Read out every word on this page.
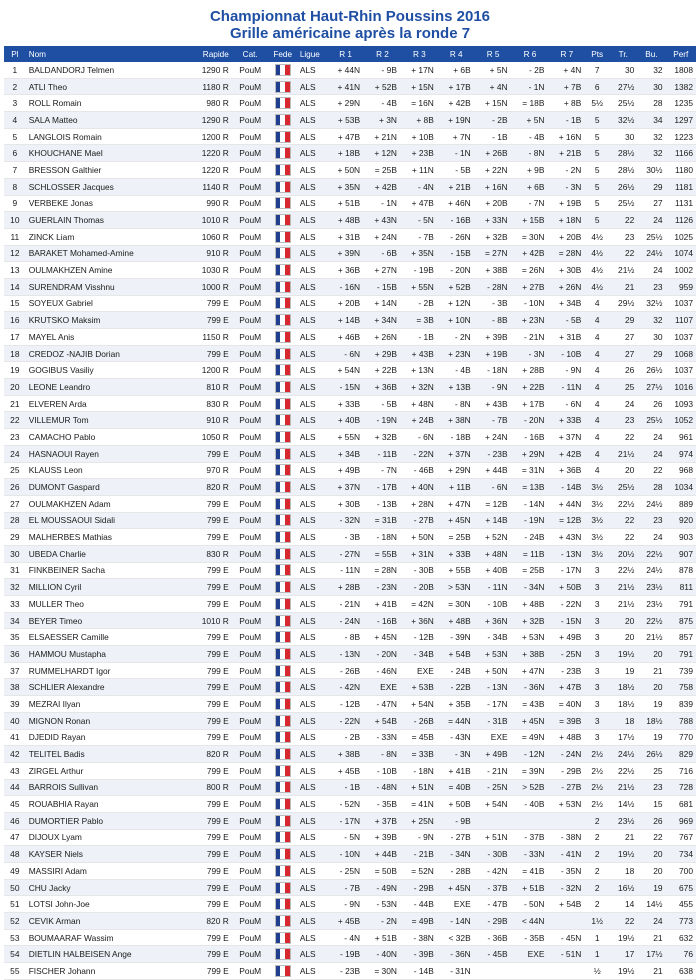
Championnat Haut-Rhin Poussins 2016
Grille américaine après la ronde 7
Pl	Nom	Rapide	Cat.	Fede	Ligue	R 1	R 2	R 3	R 4	R 5	R 6	R 7	Pts	Tr.	Bu.	Perf
1	BALDANDORJ Telmen	1290 R	PouM		ALS	+ 44N	- 9B	+ 17N	+ 6B	+ 5N	- 2B	+ 4N	7	30	32	1808
2	ATLI Theo	1180 R	PouM		ALS	+ 41N	+ 52B	+ 15N	+ 17B	+ 4N	- 1N	+ 7B	6	27½	30	1382
3	ROLL Romain	980 R	PouM		ALS	+ 29N	- 4B	= 16N	+ 42B	+ 15N	= 18B	+ 8B	5½	25½	28	1235
4	SALA Matteo	1290 R	PouM		ALS	+ 53B	+ 3N	+ 8B	+ 19N	- 2B	+ 5N	- 1B	5	32½	34	1297
5	LANGLOIS Romain	1200 R	PouM		ALS	+ 47B	+ 21N	+ 10B	+ 7N	- 1B	- 4B	+ 16N	5	30	32	1223
6	KHOUCHANE Mael	1220 R	PouM		ALS	+ 18B	+ 12N	+ 23B	- 1N	+ 26B	- 8N	+ 21B	5	28½	32	1166
7	BRESSON Galthier	1220 R	PouM		ALS	+ 50N	= 25B	+ 11N	- 5B	+ 22N	+ 9B	- 2N	5	28½	30½	1180
8	SCHLOSSER Jacques	1140 R	PouM		ALS	+ 35N	+ 42B	- 4N	+ 21B	+ 16N	+ 6B	- 3N	5	26½	29	1181
9	VERBEKE Jonas	990 R	PouM		ALS	+ 51B	- 1N	+ 47B	+ 46N	+ 20B	- 7N	+ 19B	5	25½	27	1131
10	GUERLAIN Thomas	1010 R	PouM		ALS	+ 48B	+ 43N	- 5N	- 16B	+ 33N	+ 15B	+ 18N	5	22	24	1126
11	ZINCK Liam	1060 R	PouM		ALS	+ 31B	+ 24N	- 7B	- 26N	+ 32B	= 30N	+ 20B	4½	23	25½	1025
12	BARAKET Mohamed-Amine	910 R	PouM		ALS	+ 39N	- 6B	+ 35N	- 15B	= 27N	+ 42B	= 28N	4½	22	24½	1074
13	OULMAKHZEN Amine	1030 R	PouM		ALS	+ 36B	+ 27N	- 19B	- 20N	+ 38B	= 26N	+ 30B	4½	21½	24	1002
14	SURENDRAM Visshnu	1000 R	PouM		ALS	- 16N	- 15B	+ 55N	+ 52B	- 28N	+ 27B	+ 26N	4½	21	23	959
15	SOYEUX Gabriel	799 E	PouM		ALS	+ 20B	+ 14N	- 2B	+ 12N	- 3B	- 10N	+ 34B	4	29½	32½	1037
16	KRUTSKO Maksim	799 E	PouM		ALS	+ 14B	+ 34N	= 3B	+ 10N	- 8B	+ 23N	- 5B	4	29	32	1107
17	MAYEL Anis	1150 R	PouM		ALS	+ 46B	+ 26N	- 1B	- 2N	+ 39B	- 21N	+ 31B	4	27	30	1037
18	CREDOZ -NAJIB Dorian	799 E	PouM		ALS	- 6N	+ 29B	+ 43B	+ 23N	+ 19B	- 3N	- 10B	4	27	29	1068
19	GOGIBUS Vasiliy	1200 R	PouM		ALS	+ 54N	+ 22B	+ 13N	- 4B	- 18N	+ 28B	- 9N	4	26	26½	1037
20	LEONE Leandro	810 R	PouM		ALS	- 15N	+ 36B	+ 32N	+ 13B	- 9N	+ 22B	- 11N	4	25	27½	1016
21	ELVEREN Arda	830 R	PouM		ALS	+ 33B	- 5B	+ 48N	- 8N	+ 43B	+ 17B	- 6N	4	24	26	1093
22	VILLEMUR Tom	910 R	PouM		ALS	+ 40B	- 19N	+ 24B	+ 38N	- 7B	- 20N	+ 33B	4	23	25½	1052
23	CAMACHO Pablo	1050 R	PouM		ALS	+ 55N	+ 32B	- 6N	- 18B	+ 24N	- 16B	+ 37N	4	22	24	961
24	HASNAOUI Rayen	799 E	PouM		ALS	+ 34B	- 11B	- 22N	+ 37N	- 23B	+ 29N	+ 42B	4	21½	24	974
25	KLAUSS Leon	970 R	PouM		ALS	+ 49B	- 7N	- 46B	+ 29N	+ 44B	= 31N	+ 36B	4	20	22	968
26	DUMONT Gaspard	820 R	PouM		ALS	+ 37N	- 17B	+ 40N	+ 11B	- 6N	= 13B	- 14B	3½	25½	28	1034
27	OULMAKHZEN Adam	799 E	PouM		ALS	+ 30B	- 13B	+ 28N	+ 47N	= 12B	- 14N	+ 44N	3½	22½	24½	889
28	EL MOUSSAOUI Sidali	799 E	PouM		ALS	- 32N	= 31B	- 27B	+ 45N	+ 14B	- 19N	= 12B	3½	22	23	920
29	MALHERBES Mathias	799 E	PouM		ALS	- 3B	- 18N	+ 50N	= 25B	+ 52N	- 24B	+ 43N	3½	22	24	903
30	UBEDA Charlie	830 R	PouM		ALS	- 27N	= 55B	+ 31N	+ 33B	+ 48N	= 11B	- 13N	3½	20½	22½	907
31	FINKBEINER Sacha	799 E	PouM		ALS	- 11N	= 28N	- 30B	+ 55B	+ 40B	= 25B	- 17N	3	22½	24½	878
32	MILLION Cyril	799 E	PouM		ALS	+ 28B	- 23N	- 20B	> 53N	- 11N	- 34N	+ 50B	3	21½	23½	811
33	MULLER Theo	799 E	PouM		ALS	- 21N	+ 41B	= 42N	= 30N	- 10B	+ 48B	- 22N	3	21½	23½	791
34	BEYER Timeo	1010 R	PouM		ALS	- 24N	- 16B	+ 36N	+ 48B	+ 36N	+ 32B	- 15N	3	20	22½	875
35	ELSAESSER Camille	799 E	PouM		ALS	- 8B	+ 45N	- 12B	- 39N	- 34B	+ 53N	+ 49B	3	20	21½	857
36	HAMMOU Mustapha	799 E	PouM		ALS	- 13N	- 20N	- 34B	+ 54B	+ 53N	+ 38B	- 25N	3	19½	20	791
37	RUMMELHARDT Igor	799 E	PouM		ALS	- 26B	- 46N	EXE	- 24B	+ 50N	+ 47N	- 23B	3	19	21	739
38	SCHLIER Alexandre	799 E	PouM		ALS	- 42N	EXE	+ 53B	- 22B	- 13N	- 36N	+ 47B	3	18½	20	758
39	MEZRAI Ilyan	799 E	PouM		ALS	- 12B	- 47N	+ 54N	+ 35B	- 17N	= 43B	= 40N	3	18½	19	839
40	MIGNON Ronan	799 E	PouM		ALS	- 22N	+ 54B	- 26B	= 44N	- 31B	+ 45N	= 39B	3	18	18½	788
41	DJEDID Rayan	799 E	PouM		ALS	- 2B	- 33N	= 45B	- 43N	EXE	= 49N	+ 48B	3	17½	19	770
42	TELITEL Badis	820 R	PouM		ALS	+ 38B	- 8N	= 33B	- 3N	+ 49B	- 12N	- 24N	2½	24½	26½	829
43	ZIRGEL Arthur	799 E	PouM		ALS	+ 45B	- 10B	- 18N	+ 41B	- 21N	= 39N	- 29B	2½	22½	25	716
44	BARROIS Sullivan	800 R	PouM		ALS	- 1B	- 48N	+ 51N	= 40B	- 25N	> 52B	- 27B	2½	21½	23	728
45	ROUABHIA Rayan	799 E	PouM		ALS	- 52N	- 35B	= 41N	+ 50B	+ 54N	- 40B	+ 53N	2½	14½	15	681
46	DUMORTIER Pablo	799 E	PouM		ALS	- 17N	+ 37B	+ 25N	- 9B				2	23½	26	969
47	DIJOUX Lyam	799 E	PouM		ALS	- 5N	+ 39B	- 9N	- 27B	+ 51N	- 37B	- 38N	2	21	22	767
48	KAYSER Niels	799 E	PouM		ALS	- 10N	+ 44B	- 21B	- 34N	- 30B	- 33N	- 41N	2	19½	20	734
49	MASSIRI Adam	799 E	PouM		ALS	- 25N	= 50B	= 52N	- 28B	- 42N	= 41B	- 35N	2	18	20	700
50	CHU Jacky	799 E	PouM		ALS	- 7B	- 49N	- 29B	+ 45N	- 37B	+ 51B	- 32N	2	16½	19	675
51	LOTSI John-Joe	799 E	PouM		ALS	- 9N	- 53N	- 44B	EXE	- 47B	- 50N	+ 54B	2	14	14½	455
52	CEVIK Arman	820 R	PouM		ALS	+ 45B	- 2N	= 49B	- 14N	- 29B	< 44N		1½	22	24	773
53	BOUMAARAF Wassim	799 E	PouM		ALS	- 4N	+ 51B	- 38N	< 32B	- 36B	- 35B	- 45N	1	19½	21	632
54	DIETLIN HALBEISEN Ange	799 E	PouM		ALS	- 19B	- 40N	- 39B	- 36N	- 45B	EXE	- 51N	1	17	17½	76
55	FISCHER Johann	799 E	PouM		ALS	- 23B	= 30N	- 14B	- 31N				½	19½	21	638
